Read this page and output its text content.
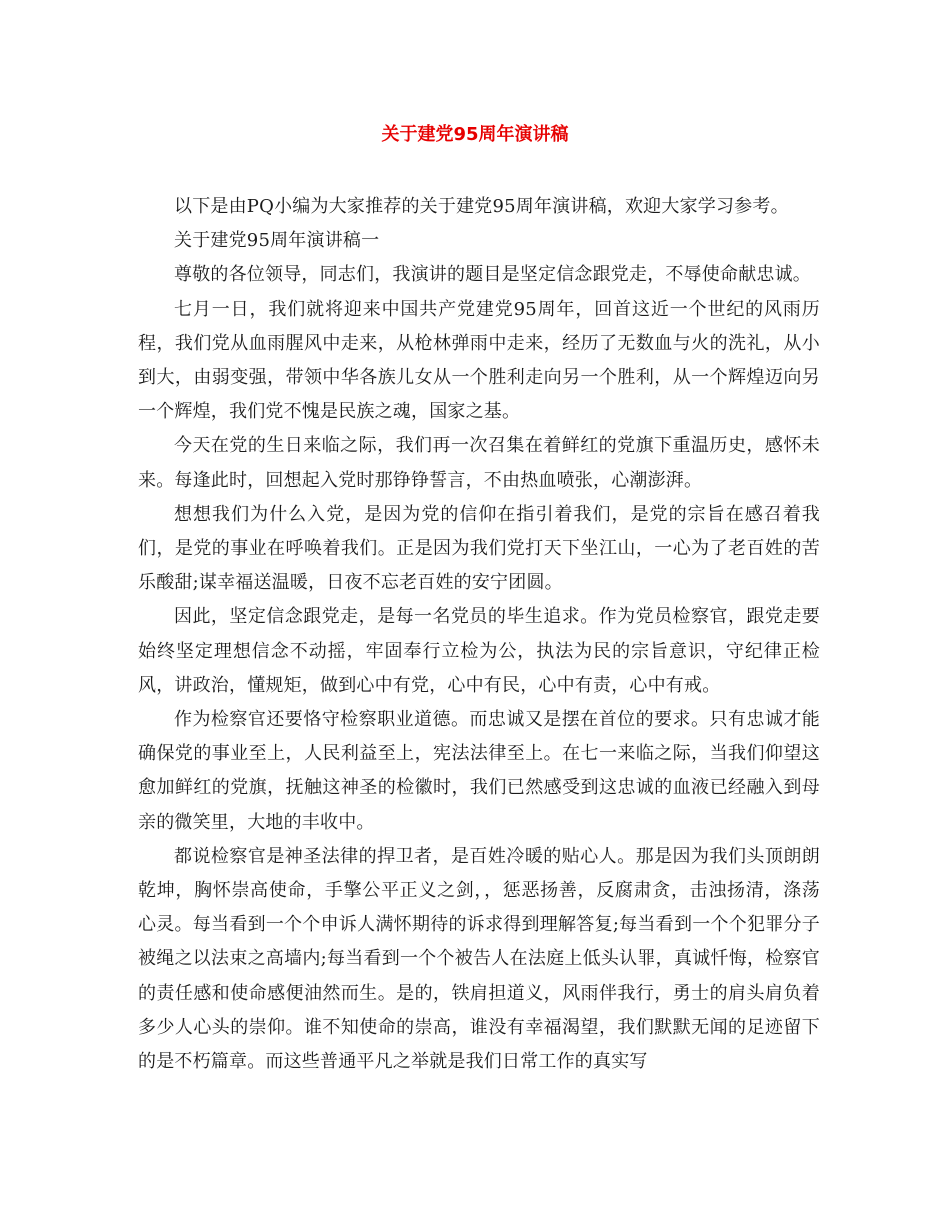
关于建党95周年演讲稿

以下是由PQ小编为大家推荐的关于建党95周年演讲稿，欢迎大家学习参考。

关于建党95周年演讲稿一

尊敬的各位领导，同志们，我演讲的题目是坚定信念跟党走，不辱使命献忠诚。

七月一日，我们就将迎来中国共产党建党95周年，回首这近一个世纪的风雨历程，我们党从血雨腥风中走来，从枪林弹雨中走来，经历了无数血与火的洗礼，从小到大，由弱变强，带领中华各族儿女从一个胜利走向另一个胜利，从一个辉煌迈向另一个辉煌，我们党不愧是民族之魂，国家之基。

今天在党的生日来临之际，我们再一次召集在着鲜红的党旗下重温历史，感怀未来。每逢此时，回想起入党时那铮铮誓言，不由热血喷张，心潮澎湃。

想想我们为什么入党，是因为党的信仰在指引着我们，是党的宗旨在感召着我们，是党的事业在呼唤着我们。正是因为我们党打天下坐江山，一心为了老百姓的苦乐酸甜;谋幸福送温暖，日夜不忘老百姓的安宁团圆。

因此，坚定信念跟党走，是每一名党员的毕生追求。作为党员检察官，跟党走要始终坚定理想信念不动摇，牢固奉行立检为公，执法为民的宗旨意识，守纪律正检风，讲政治，懂规矩，做到心中有党，心中有民，心中有责，心中有戒。

作为检察官还要恪守检察职业道德。而忠诚又是摆在首位的要求。只有忠诚才能确保党的事业至上，人民利益至上，宪法法律至上。在七一来临之际，当我们仰望这愈加鲜红的党旗，抚触这神圣的检徽时，我们已然感受到这忠诚的血液已经融入到母亲的微笑里，大地的丰收中。

都说检察官是神圣法律的捍卫者，是百姓冷暖的贴心人。那是因为我们头顶朗朗乾坤，胸怀崇高使命，手擎公平正义之剑，，惩恶扬善，反腐肃贪，击浊扬清，涤荡心灵。每当看到一个个申诉人满怀期待的诉求得到理解答复;每当看到一个个犯罪分子被绳之以法束之高墙内;每当看到一个个被告人在法庭上低头认罪，真诚忏悔，检察官的责任感和使命感便油然而生。是的，铁肩担道义，风雨伴我行，勇士的肩头肩负着多少人心头的崇仰。谁不知使命的崇高，谁没有幸福渴望，我们默默无闻的足迹留下的是不朽篇章。而这些普通平凡之举就是我们日常工作的真实写
